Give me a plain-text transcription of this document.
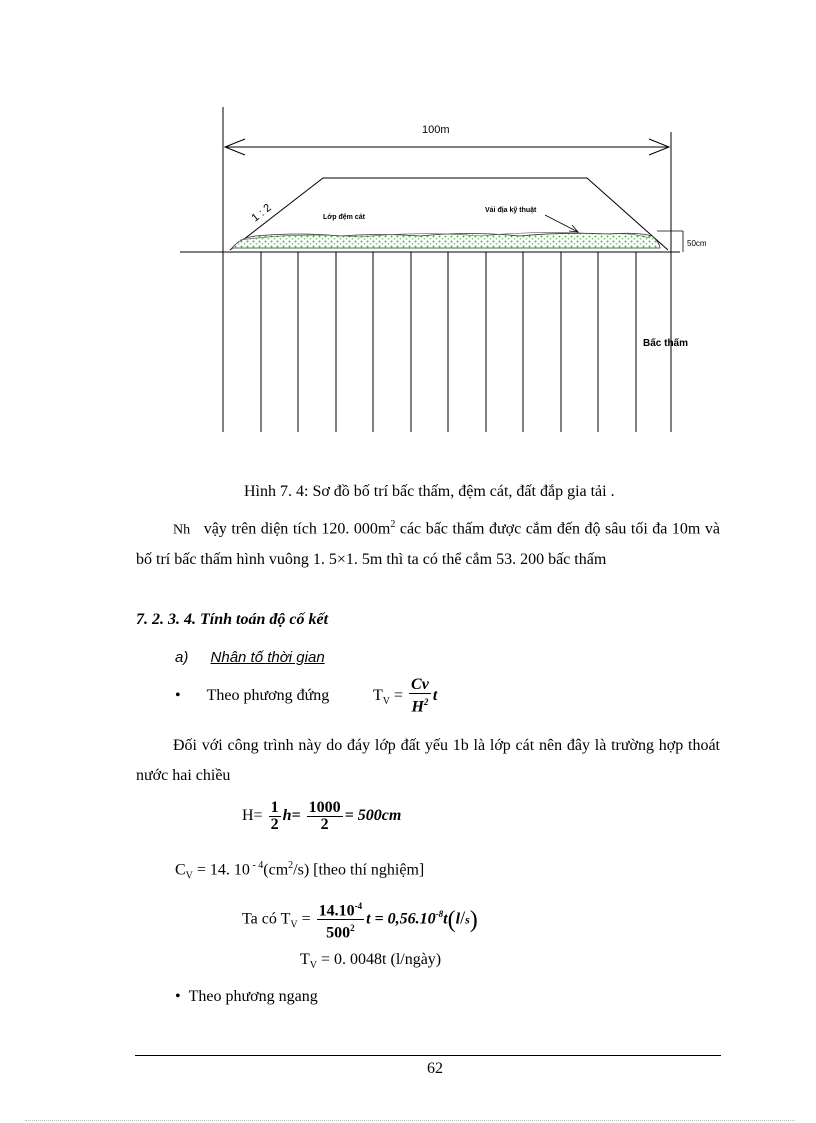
100m
1 : 2	Lớp đệm cát
Vải địa kỹ thuật
50cm
Bấc thấm
Hình 7. 4: Sơ đồ bố trí bấc thấm, đệm cát, đất đắp gia tải .
Nh vậy trên diện tích 120. $000m^2$ các bấc thấm được cắm đến độ sâu tối đa 10m và bố trí bấc thấm hình vuông 1. 5×1. 5m thì ta có thể cắm 53. 200 bấc thấm
7. 2. 3. 4. Tính toán độ cố kết
a) Nhân tố thời gian
• Theo phương đứng	$T_V = \frac{Cv}{H^2}$ t
Đối với công trình này do đáy lớp đất yếu 1b là lớp cát nên đây là trường hợp thoát nước hai chiều
$H= \frac{1}{2} h= \frac{1000}{2} = 500cm$
$C_V = 14$. 10 $^{- 4}(cm^2/s)$ [theo thí nghiệm]
Ta có $T_V = \frac{14.10^{-4}}{500^2}$ $t = 0,56.10^{-8}t(l/s)$
$T_V = 0$. 0048t (l/ngày)
• Theo phương ngang
62
